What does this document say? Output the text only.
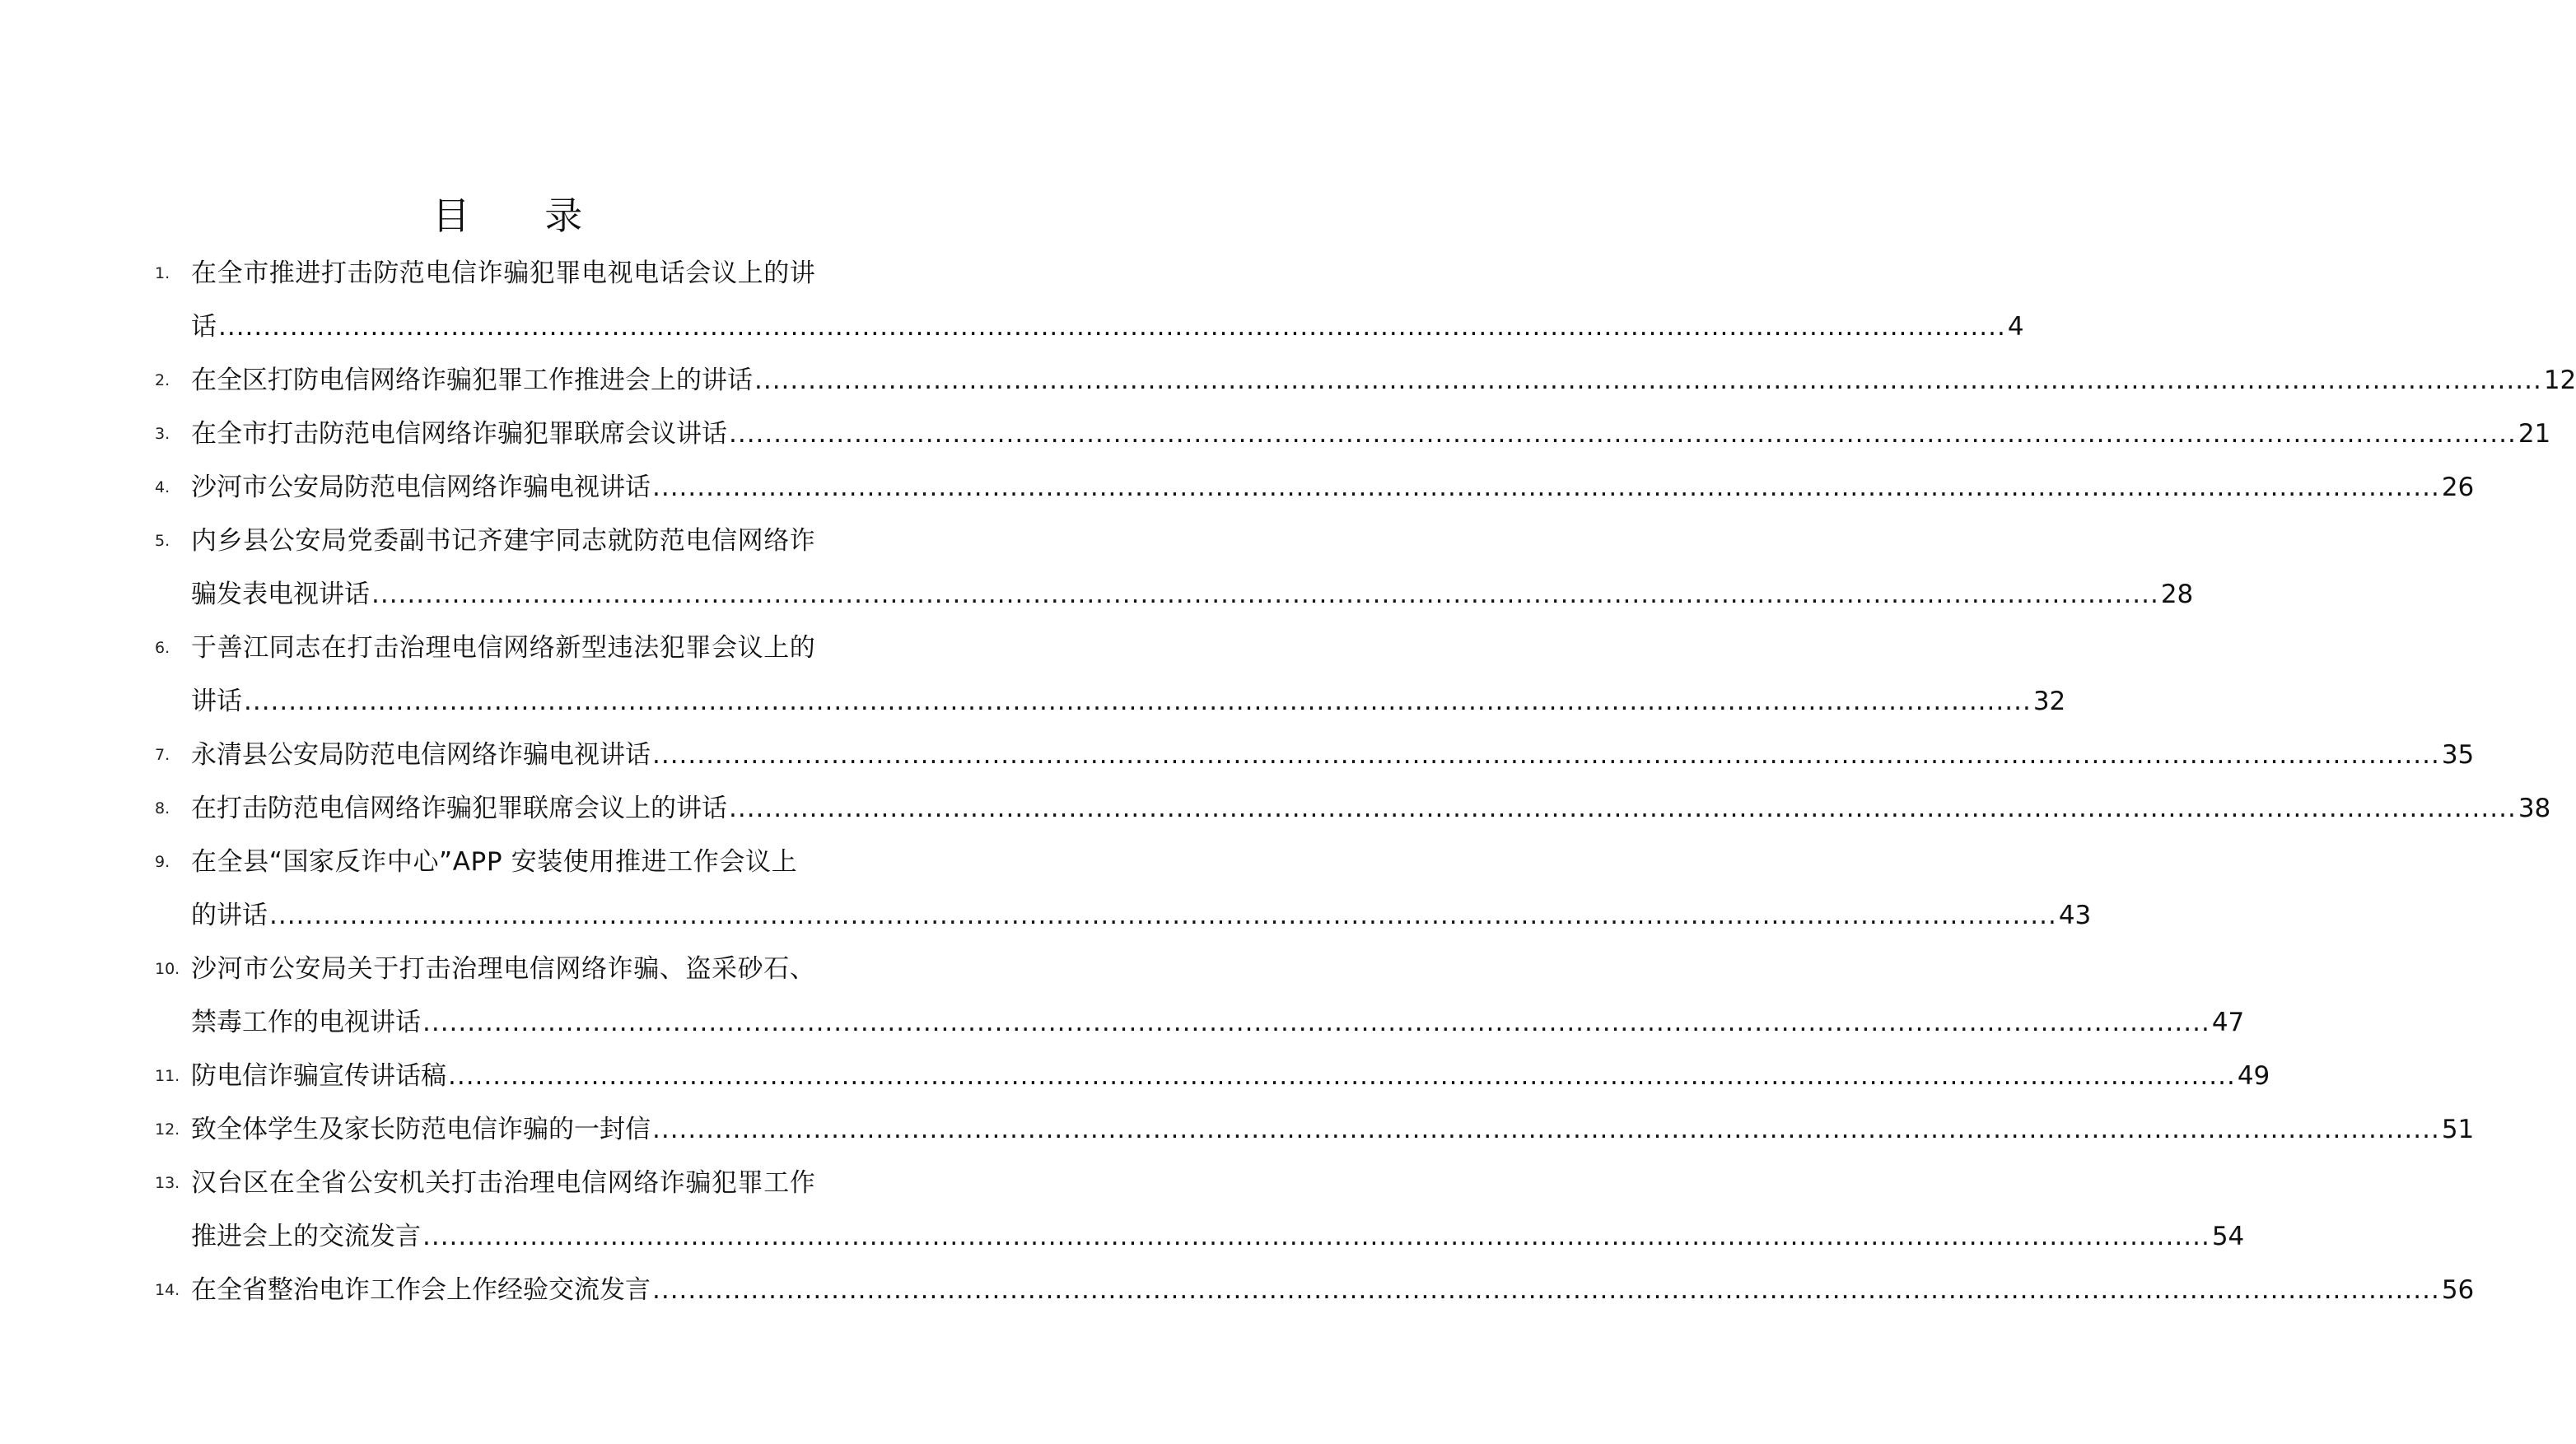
目 录
1. 在全市推进打击防范电信诈骗犯罪电视电话会议上的讲
话 ........................................................................................................................................................................................................ 4
2. 在全区打防电信网络诈骗犯罪工作推进会上的讲话 ........................................................................................................................................................................................................ 12
3. 在全市打击防范电信网络诈骗犯罪联席会议讲话 ........................................................................................................................................................................................................ 21
4. 沙河市公安局防范电信网络诈骗电视讲话 ........................................................................................................................................................................................................ 26
5. 内乡县公安局党委副书记齐建宇同志就防范电信网络诈
骗发表电视讲话 ........................................................................................................................................................................................................ 28
6. 于善江同志在打击治理电信网络新型违法犯罪会议上的
讲话 ........................................................................................................................................................................................................ 32
7. 永清县公安局防范电信网络诈骗电视讲话 ........................................................................................................................................................................................................ 35
8. 在打击防范电信网络诈骗犯罪联席会议上的讲话 ........................................................................................................................................................................................................ 38
9. 在全县“国家反诈中心”APP 安装使用推进工作会议上
的讲话 ........................................................................................................................................................................................................ 43
10. 沙河市公安局关于打击治理电信网络诈骗、盗采砂石、
禁毒工作的电视讲话 ........................................................................................................................................................................................................ 47
11. 防电信诈骗宣传讲话稿 ........................................................................................................................................................................................................ 49
12. 致全体学生及家长防范电信诈骗的一封信 ........................................................................................................................................................................................................ 51
13. 汉台区在全省公安机关打击治理电信网络诈骗犯罪工作
推进会上的交流发言 ........................................................................................................................................................................................................ 54
14. 在全省整治电诈工作会上作经验交流发言 ........................................................................................................................................................................................................ 56
